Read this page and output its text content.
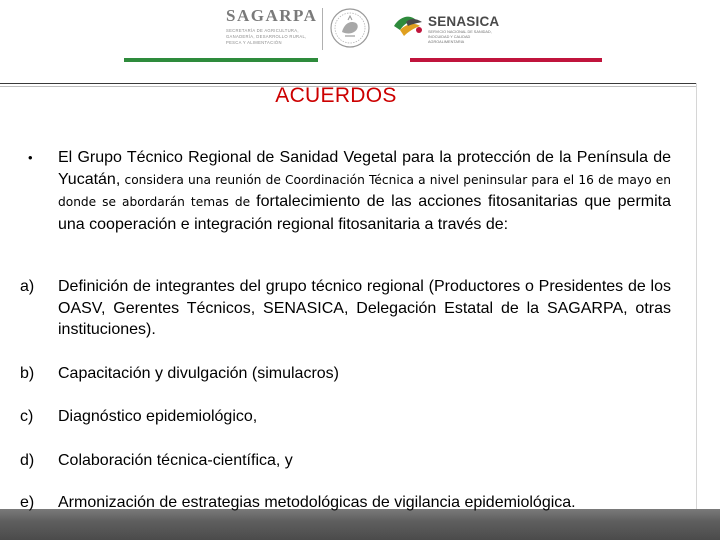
SAGARPA
SECRETARÍA DE AGRICULTURA,
GANADERÍA, DESARROLLO RURAL,
PESCA Y ALIMENTACIÓN
SENASICA
SERVICIO NACIONAL DE SANIDAD,
INOCUIDAD Y CALIDAD
AGROALIMENTARIA
ACUERDOS
•	El Grupo Técnico Regional de Sanidad Vegetal para la protección de la Península de Yucatán, considera una reunión de Coordinación Técnica a nivel peninsular para el 16 de mayo en donde se abordarán temas de fortalecimiento de las acciones fitosanitarias que permita una cooperación e integración regional fitosanitaria a través de:
a)	Definición de integrantes del grupo técnico regional (Productores o Presidentes de los OASV, Gerentes Técnicos, SENASICA, Delegación Estatal de la SAGARPA, otras instituciones).
b)	Capacitación y divulgación (simulacros)
c)	Diagnóstico epidemiológico,
d)	Colaboración técnica-científica, y
e)	Armonización de estrategias metodológicas de vigilancia epidemiológica.
